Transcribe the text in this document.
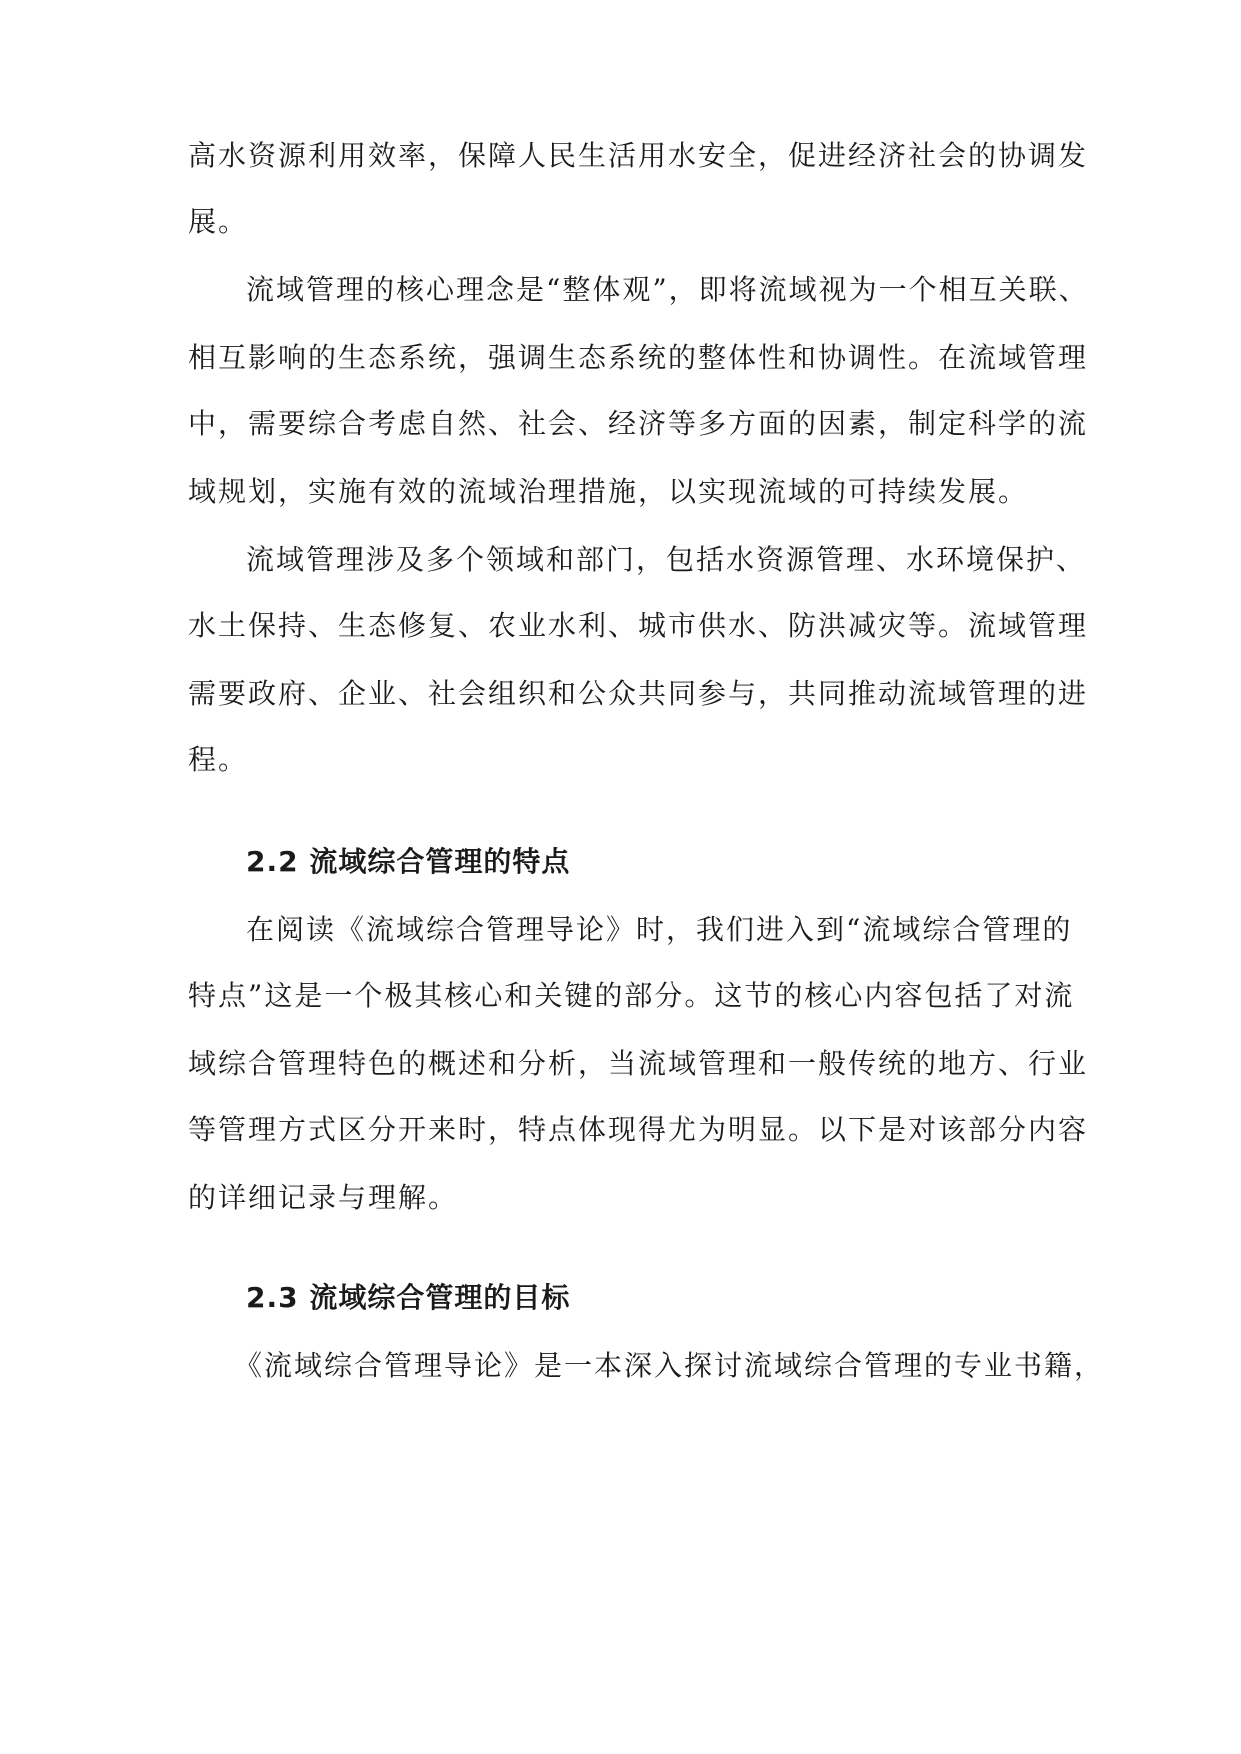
高水资源利用效率，保障人民生活用水安全，促进经济社会的协调发
展。
流域管理的核心理念是“整体观”，即将流域视为一个相互关联、
相互影响的生态系统，强调生态系统的整体性和协调性。在流域管理
中，需要综合考虑自然、社会、经济等多方面的因素，制定科学的流
域规划，实施有效的流域治理措施，以实现流域的可持续发展。
流域管理涉及多个领域和部门，包括水资源管理、水环境保护、
水土保持、生态修复、农业水利、城市供水、防洪减灾等。流域管理
需要政府、企业、社会组织和公众共同参与，共同推动流域管理的进
程。
2.2 流域综合管理的特点
在阅读《流域综合管理导论》时，我们进入到“流域综合管理的
特点”这是一个极其核心和关键的部分。这节的核心内容包括了对流
域综合管理特色的概述和分析，当流域管理和一般传统的地方、行业
等管理方式区分开来时，特点体现得尤为明显。以下是对该部分内容
的详细记录与理解。
2.3 流域综合管理的目标
《流域综合管理导论》是一本深入探讨流域综合管理的专业书籍，
